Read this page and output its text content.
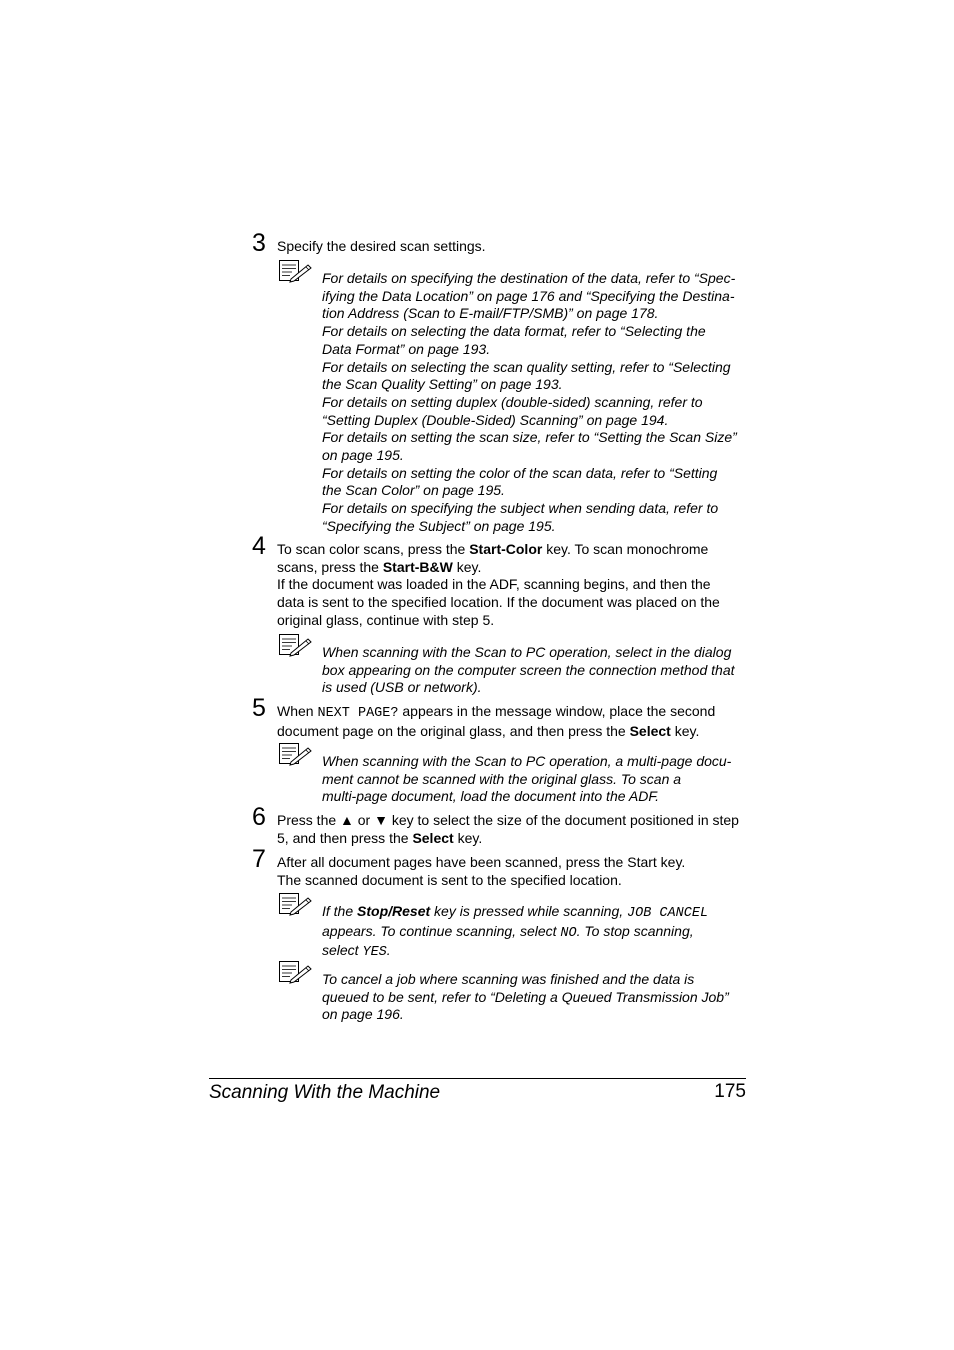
3 Specify the desired scan settings.
For details on specifying the destination of the data, refer to “Spec-
ifying the Data Location” on page 176 and “Specifying the Destina-
tion Address (Scan to E-mail/FTP/SMB)” on page 178.
For details on selecting the data format, refer to “Selecting the
Data Format” on page 193.
For details on selecting the scan quality setting, refer to “Selecting
the Scan Quality Setting” on page 193.
For details on setting duplex (double-sided) scanning, refer to
“Setting Duplex (Double-Sided) Scanning” on page 194.
For details on setting the scan size, refer to “Setting the Scan Size”
on page 195.
For details on setting the color of the scan data, refer to “Setting
the Scan Color” on page 195.
For details on specifying the subject when sending data, refer to
“Specifying the Subject” on page 195.
4 To scan color scans, press the Start-Color key. To scan monochrome
scans, press the Start-B&W key.
If the document was loaded in the ADF, scanning begins, and then the
data is sent to the specified location. If the document was placed on the
original glass, continue with step 5.
When scanning with the Scan to PC operation, select in the dialog
box appearing on the computer screen the connection method that
is used (USB or network).
5 When NEXT PAGE? appears in the message window, place the second
document page on the original glass, and then press the Select key.
When scanning with the Scan to PC operation, a multi-page docu-
ment cannot be scanned with the original glass. To scan a
multi-page document, load the document into the ADF.
6 Press the ▲ or ▼ key to select the size of the document positioned in step
5, and then press the Select key.
7 After all document pages have been scanned, press the Start key.
The scanned document is sent to the specified location.
If the Stop/Reset key is pressed while scanning, JOB CANCEL
appears. To continue scanning, select NO. To stop scanning,
select YES.
To cancel a job where scanning was finished and the data is
queued to be sent, refer to “Deleting a Queued Transmission Job”
on page 196.
Scanning With the Machine	175
